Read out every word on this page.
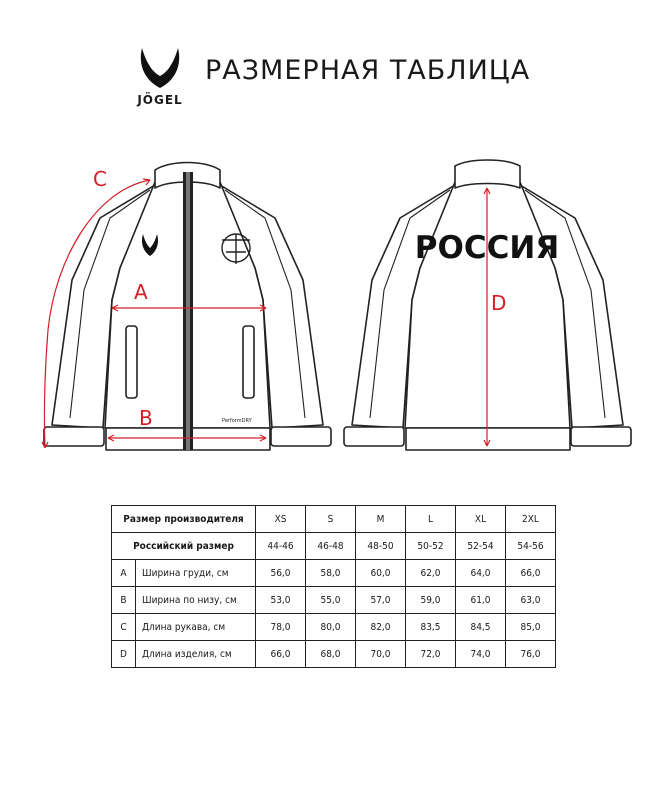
JÖGEL
РАЗМЕРНАЯ ТАБЛИЦА
PerformDRY
РОССИЯ
A
B
C
D
Размер производителя		XS	S	M	L	XL	2XL
Российский размер		44-46	46-48	48-50	50-52	52-54	54-56
A	Ширина груди, см	56,0	58,0	60,0	62,0	64,0	66,0
B	Ширина по низу, см	53,0	55,0	57,0	59,0	61,0	63,0
C	Длина рукава, см	78,0	80,0	82,0	83,5	84,5	85,0
D	Длина изделия, см	66,0	68,0	70,0	72,0	74,0	76,0
